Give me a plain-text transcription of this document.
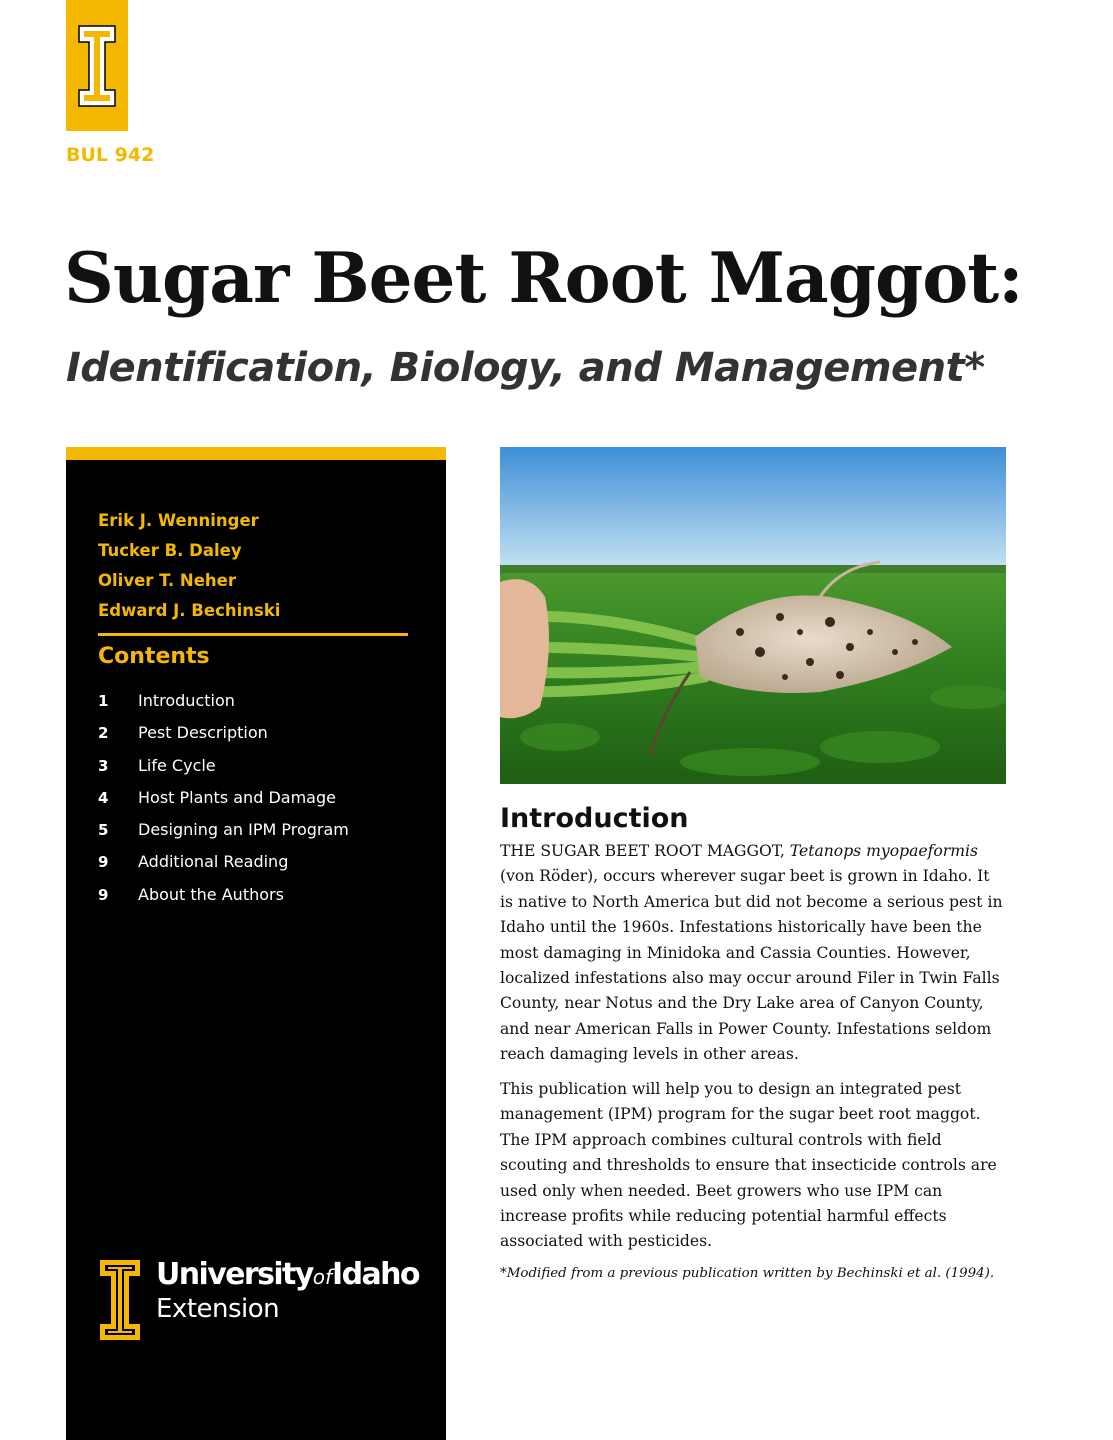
BUL 942
Sugar Beet Root Maggot:
Identification, Biology, and Management*
Erik J. Wenninger
Tucker B. Daley
Oliver T. Neher
Edward J. Bechinski
Contents
1	Introduction
2	Pest Description
3	Life Cycle
4	Host Plants and Damage
5	Designing an IPM Program
9	Additional Reading
9	About the Authors
UniversityofIdaho
Extension
Introduction

THE SUGAR BEET ROOT MAGGOT, Tetanops myopaeformis (von Röder), occurs wherever sugar beet is grown in Idaho. It is native to North America but did not become a serious pest in Idaho until the 1960s. Infestations historically have been the most damaging in Minidoka and Cassia Counties. However, localized infestations also may occur around Filer in Twin Falls County, near Notus and the Dry Lake area of Canyon County, and near American Falls in Power County. Infestations seldom reach damaging levels in other areas.

This publication will help you to design an integrated pest management (IPM) program for the sugar beet root maggot. The IPM approach combines cultural controls with field scouting and thresholds to ensure that insecticide controls are used only when needed. Beet growers who use IPM can increase profits while reducing potential harmful effects associated with pesticides.

*Modified from a previous publication written by Bechinski et al. (1994).
